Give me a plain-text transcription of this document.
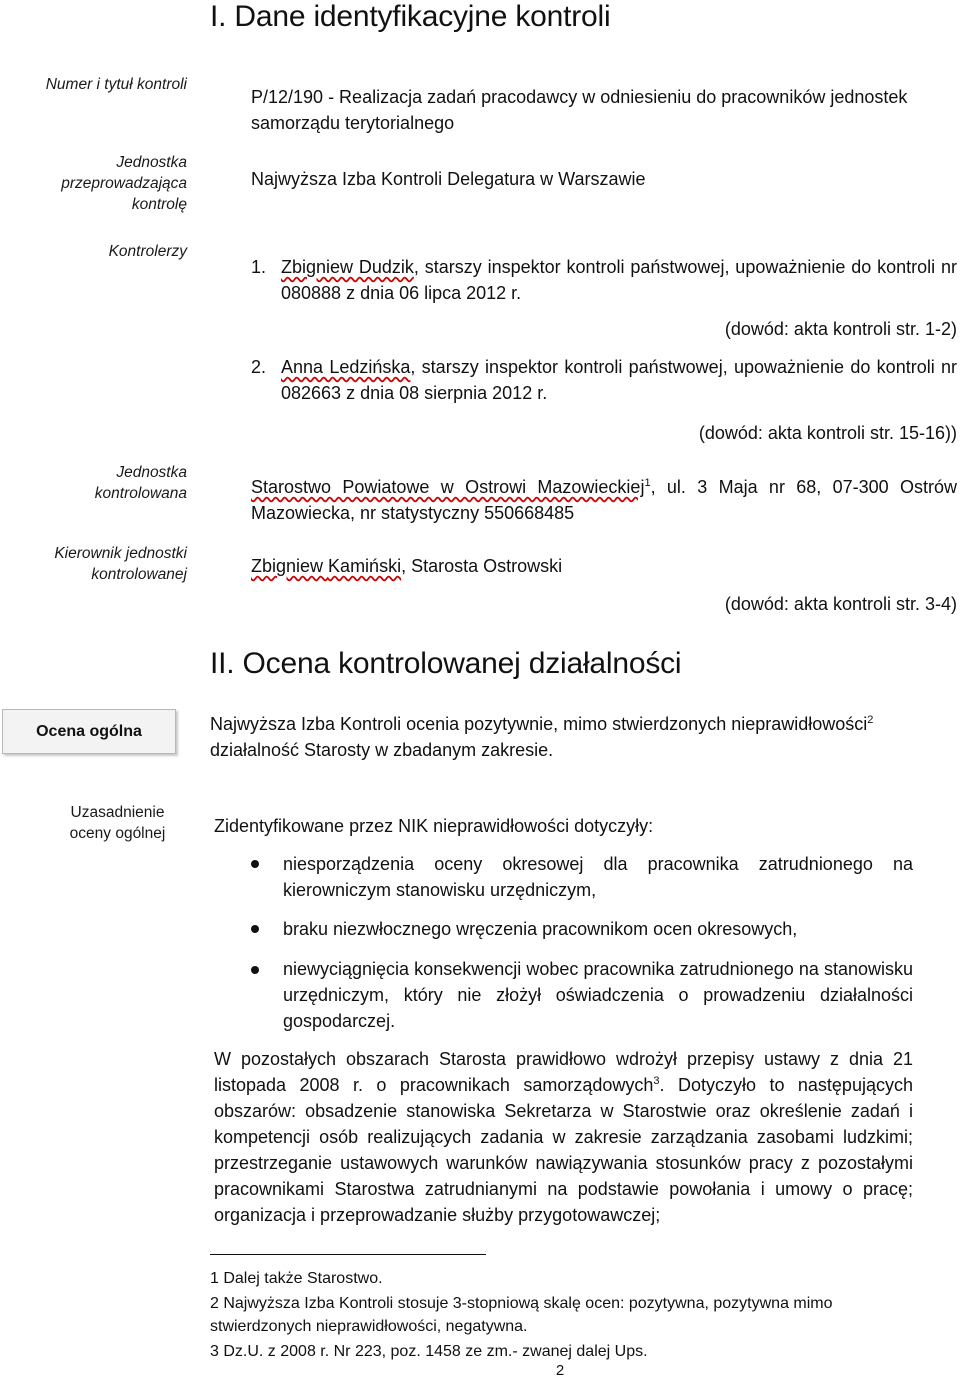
I. Dane identyfikacyjne kontroli
Numer i tytuł kontroli
Jednostka
przeprowadzająca
kontrolę
Kontrolerzy
Jednostka
kontrolowana
Kierownik jednostki
kontrolowanej
P/12/190 - Realizacja zadań pracodawcy w odniesieniu do pracowników jednostek samorządu terytorialnego
Najwyższa Izba Kontroli Delegatura w Warszawie
1. Zbigniew Dudzik, starszy inspektor kontroli państwowej, upoważnienie do kontroli nr 080888 z dnia 06 lipca 2012 r.
(dowód: akta kontroli str. 1-2)
2. Anna Ledzińska, starszy inspektor kontroli państwowej, upoważnienie do kontroli nr 082663 z dnia 08 sierpnia 2012 r.
(dowód: akta kontroli str. 15-16))
Starostwo Powiatowe w Ostrowi Mazowieckiej$^1$, ul. 3 Maja nr 68, 07-300 Ostrów Mazowiecka, nr statystyczny 550668485
Zbigniew Kamiński, Starosta Ostrowski
(dowód: akta kontroli str. 3-4)
II. Ocena kontrolowanej działalności
Ocena ogólna	Najwyższa Izba Kontroli ocenia pozytywnie, mimo stwierdzonych nieprawidłowości$^2$ działalność Starosty w zbadanym zakresie.
Uzasadnienie
oceny ogólnej	Zidentyfikowane przez NIK nieprawidłowości dotyczyły:
niesporządzenia oceny okresowej dla pracownika zatrudnionego na kierowniczym stanowisku urzędniczym,
braku niezwłocznego wręczenia pracownikom ocen okresowych,
niewyciągnięcia konsekwencji wobec pracownika zatrudnionego na stanowisku urzędniczym, który nie złożył oświadczenia o prowadzeniu działalności gospodarczej.
W pozostałych obszarach Starosta prawidłowo wdrożył przepisy ustawy z dnia 21 listopada 2008 r. o pracownikach samorządowych$^3$. Dotyczyło to następujących obszarów: obsadzenie stanowiska Sekretarza w Starostwie oraz określenie zadań i kompetencji osób realizujących zadania w zakresie zarządzania zasobami ludzkimi; przestrzeganie ustawowych warunków nawiązywania stosunków pracy z pozostałymi pracownikami Starostwa zatrudnianymi na podstawie powołania i umowy o pracę; organizacja i przeprowadzanie służby przygotowawczej;
1 Dalej także Starostwo.
2 Najwyższa Izba Kontroli stosuje 3-stopniową skalę ocen: pozytywna, pozytywna mimo stwierdzonych nieprawidłowości, negatywna.
3 Dz.U. z 2008 r. Nr 223, poz. 1458 ze zm.- zwanej dalej Ups.
2
